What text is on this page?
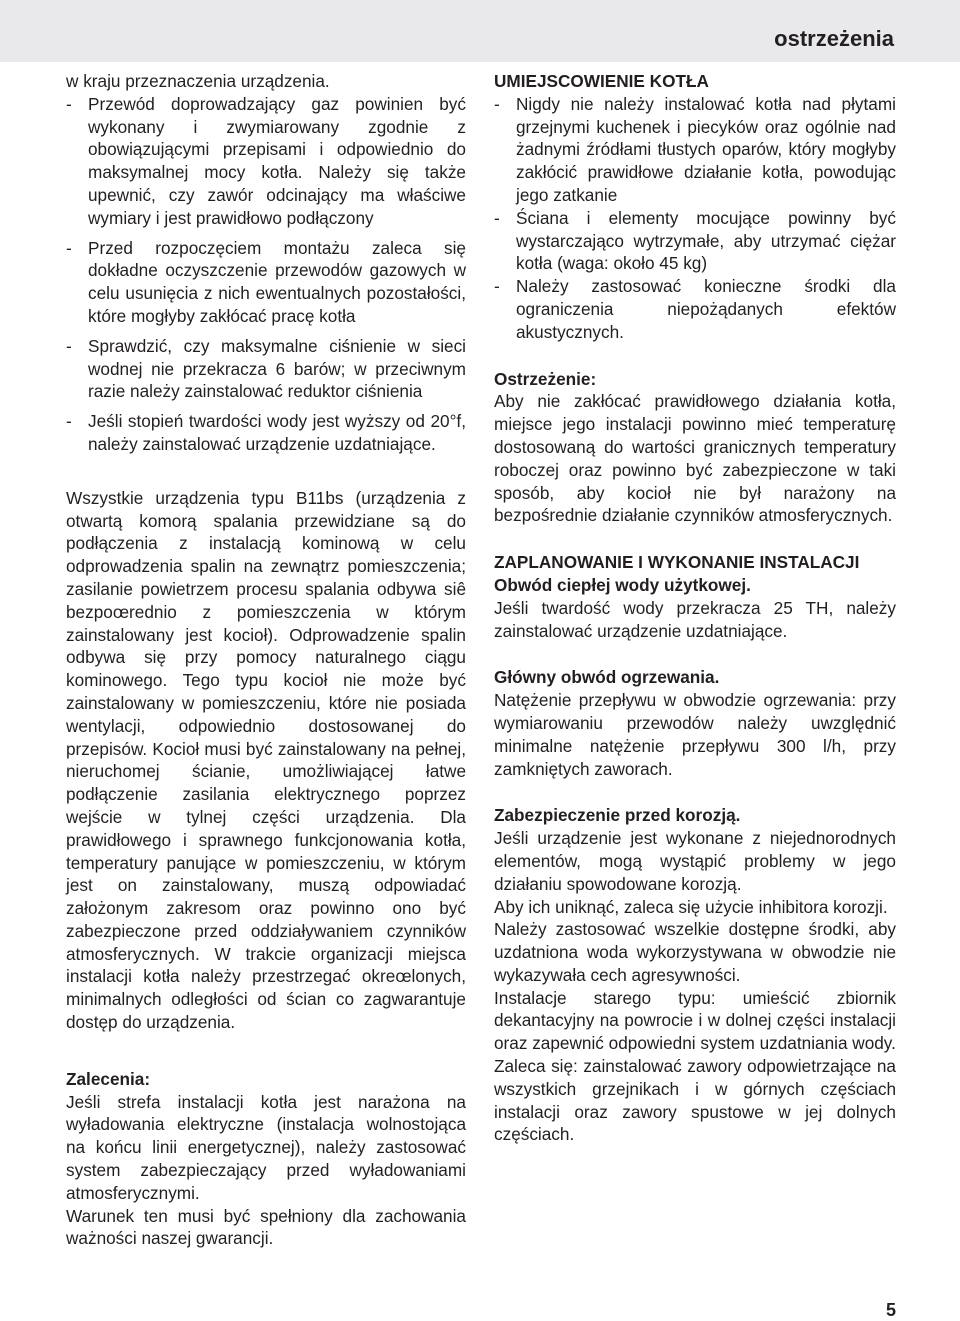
ostrzeżenia

w kraju przeznaczenia urządzenia.

- Przewód doprowadzający gaz powinien być wykonany i zwymiarowany zgodnie z obowiązującymi przepisami i odpowiednio do maksymalnej mocy kotła. Należy się także upewnić, czy zawór odcinający ma właściwe wymiary i jest prawidłowo podłączony
- Przed rozpoczęciem montażu zaleca się dokładne oczyszczenie przewodów gazowych w celu usunięcia z nich ewentualnych pozostałości, które mogłyby zakłócać pracę kotła
- Sprawdzić, czy maksymalne ciśnienie w sieci wodnej nie przekracza 6 barów; w przeciwnym razie należy zainstalować reduktor ciśnienia
- Jeśli stopień twardości wody jest wyższy od 20°f, należy zainstalować urządzenie uzdatniające.

Wszystkie urządzenia typu B11bs (urządzenia z otwartą komorą spalania przewidziane są do podłączenia z instalacją kominową w celu odprowadzenia spalin na zewnątrz pomieszczenia; zasilanie powietrzem procesu spalania odbywa siê bezpoœrednio z pomieszczenia w którym zainstalowany jest kocioł). Odprowadzenie spalin odbywa się przy pomocy naturalnego ciągu kominowego. Tego typu kocioł nie może być zainstalowany w pomieszczeniu, które nie posiada wentylacji, odpowiednio dostosowanej do przepisów. Kocioł musi być zainstalowany na pełnej, nieruchomej ścianie, umożliwiającej łatwe podłączenie zasilania elektrycznego poprzez wejście w tylnej części urządzenia. Dla prawidłowego i sprawnego funkcjonowania kotła, temperatury panujące w pomieszczeniu, w którym jest on zainstalowany, muszą odpowiadać założonym zakresom oraz powinno ono być zabezpieczone przed oddziaływaniem czynników atmosferycznych. W trakcie organizacji miejsca instalacji kotła należy przestrzegać okreœlonych, minimalnych odległości od ścian co zagwarantuje dostęp do urządzenia.

Zalecenia:

Jeśli strefa instalacji kotła jest narażona na wyładowania elektryczne (instalacja wolnostojąca na końcu linii energetycznej), należy zastosować system zabezpieczający przed wyładowaniami atmosferycznymi.

Warunek ten musi być spełniony dla zachowania ważności naszej gwarancji.

UMIEJSCOWIENIE KOTŁA

- Nigdy nie należy instalować kotła nad płytami grzejnymi kuchenek i piecyków oraz ogólnie nad żadnymi źródłami tłustych oparów, który mogłyby zakłócić prawidłowe działanie kotła, powodując jego zatkanie
- Ściana i elementy mocujące powinny być wystarczająco wytrzymałe, aby utrzymać ciężar kotła (waga: około 45 kg)
- Należy zastosować konieczne środki dla ograniczenia niepożądanych efektów akustycznych.

Ostrzeżenie:

Aby nie zakłócać prawidłowego działania kotła, miejsce jego instalacji powinno mieć temperaturę dostosowaną do wartości granicznych temperatury roboczej oraz powinno być zabezpieczone w taki sposób, aby kocioł nie był narażony na bezpośrednie działanie czynników atmosferycznych.

ZAPLANOWANIE I WYKONANIE INSTALACJI

Obwód ciepłej wody użytkowej.

Jeśli twardość wody przekracza 25 TH, należy zainstalować urządzenie uzdatniające.

Główny obwód ogrzewania.

Natężenie przepływu w obwodzie ogrzewania: przy wymiarowaniu przewodów należy uwzględnić minimalne natężenie przepływu 300 l/h, przy zamkniętych zaworach.

Zabezpieczenie przed korozją.

Jeśli urządzenie jest wykonane z niejednorodnych elementów, mogą wystąpić problemy w jego działaniu spowodowane korozją.

Aby ich uniknąć, zaleca się użycie inhibitora korozji.

Należy zastosować wszelkie dostępne środki, aby uzdatniona woda wykorzystywana w obwodzie nie wykazywała cech agresywności.

Instalacje starego typu: umieścić zbiornik dekantacyjny na powrocie i w dolnej części instalacji oraz zapewnić odpowiedni system uzdatniania wody.

Zaleca się: zainstalować zawory odpowietrzające na wszystkich grzejnikach i w górnych częściach instalacji oraz zawory spustowe w jej dolnych częściach.

5
